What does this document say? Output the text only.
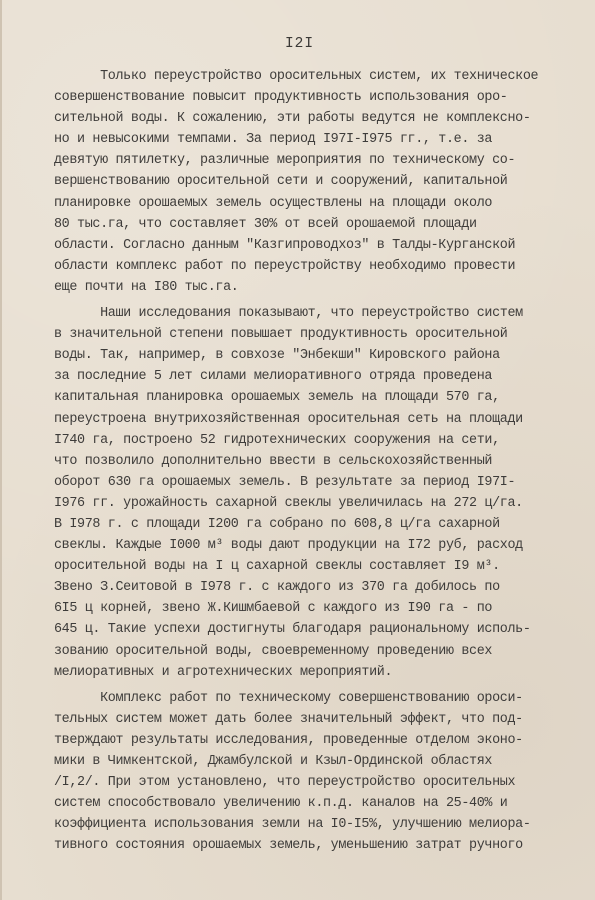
I2I
Только переустройство оросительных систем, их техническое
совершенствование повысит продуктивность использования оро-
сительной воды. К сожалению, эти работы ведутся не комплексно-
но и невысокими темпами. За период I97I-I975 гг., т.е. за
девятую пятилетку, различные мероприятия по техническому со-
вершенствованию оросительной сети и сооружений, капитальной
планировке орошаемых земель осуществлены на площади около
80 тыс.га, что составляет 30% от всей орошаемой площади
области. Согласно данным "Казгипроводхоз" в Талды-Курганской
области комплекс работ по переустройству необходимо провести
еще почти на I80 тыс.га.
Наши исследования показывают, что переустройство систем
в значительной степени повышает продуктивность оросительной
воды. Так, например, в совхозе "Энбекши" Кировского района
за последние 5 лет силами мелиоративного отряда проведена
капитальная планировка орошаемых земель на площади 570 га,
переустроена внутрихозяйственная оросительная сеть на площади
I740 га, построено 52 гидротехнических сооружения на сети,
что позволило дополнительно ввести в сельскохозяйственный
оборот 630 га орошаемых земель. В результате за период I97I-
I976 гг. урожайность сахарной свеклы увеличилась на 272 ц/га.
В I978 г. с площади I200 га собрано по 608,8 ц/га сахарной
свеклы. Каждые I000 м³ воды дают продукции на I72 руб, расход
оросительной воды на I ц сахарной свеклы составляет I9 м³.
Звено З.Сеитовой в I978 г. с каждого из 370 га добилось по
6I5 ц корней, звено Ж.Кишмбаевой с каждого из I90 га - по
645 ц. Такие успехи достигнуты благодаря рациональному исполь-
зованию оросительной воды, своевременному проведению всех
мелиоративных и агротехнических мероприятий.
Комплекс работ по техническому совершенствованию ороси-
тельных систем может дать более значительный эффект, что под-
тверждают результаты исследования, проведенные отделом эконо-
мики в Чимкентской, Джамбулской и Кзыл-Ординской областях
/I,2/. При этом установлено, что переустройство оросительных
систем способствовало увеличению к.п.д. каналов на 25-40% и
коэффициента использования земли на I0-I5%, улучшению мелиора-
тивного состояния орошаемых земель, уменьшению затрат ручного
